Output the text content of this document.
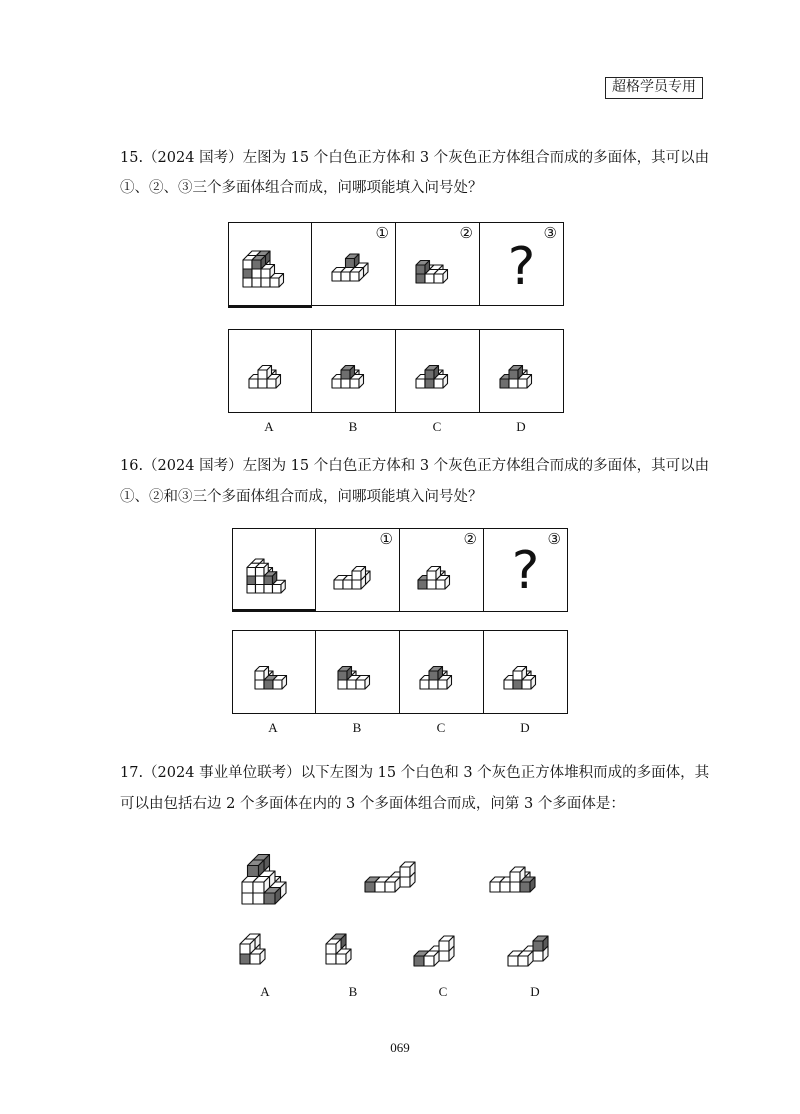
超格学员专用
15.（2024 国考）左图为 15 个白色正方体和 3 个灰色正方体组合而成的多面体，其可以由
①、②、③三个多面体组合而成，问哪项能填入问号处？
①	②	③
?
A	B	C	D
16.（2024 国考）左图为 15 个白色正方体和 3 个灰色正方体组合而成的多面体，其可以由
①、②和③三个多面体组合而成，问哪项能填入问号处？
①	②	③
?
A	B	C	D
17.（2024 事业单位联考）以下左图为 15 个白色和 3 个灰色正方体堆积而成的多面体，其
可以由包括右边 2 个多面体在内的 3 个多面体组合而成，问第 3 个多面体是：
A	B	C	D
069
